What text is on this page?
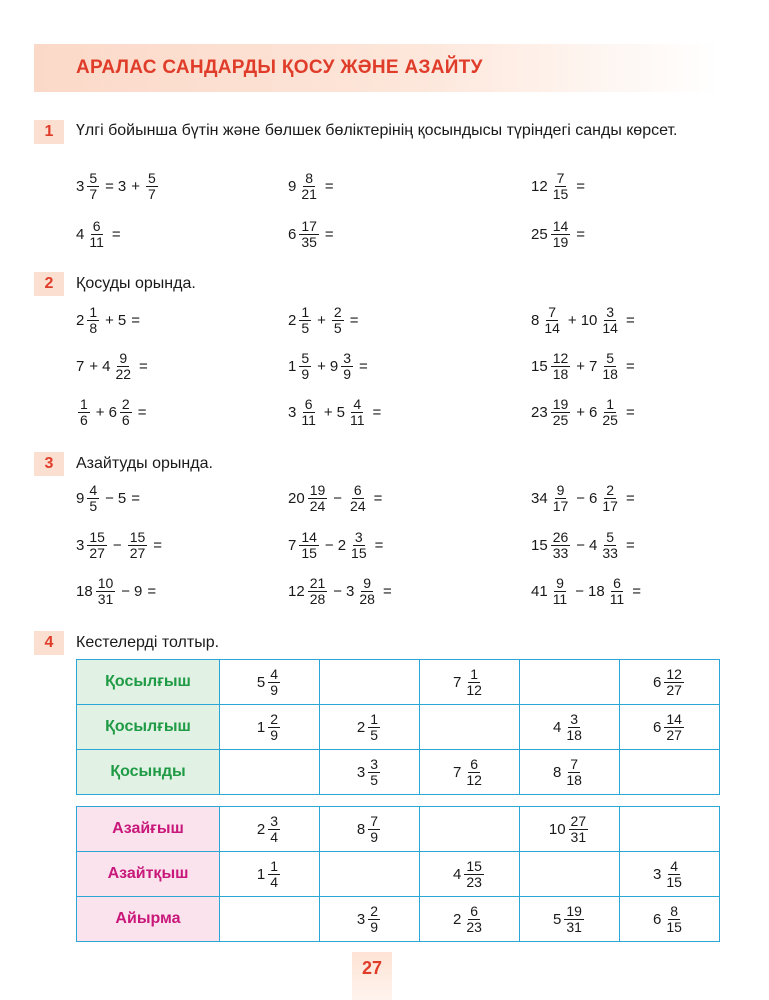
АРАЛАС САНДАРДЫ ҚОСУ ЖӘНЕ АЗАЙТУ
1	Үлгі бойынша бүтін және бөлшек бөліктерінің қосындысы түріндегі санды көрсет.
$3 \frac{5}{7} = 3 + \frac{5}{7}$	$9 \frac{8}{21}$ =	$12 \frac{7}{15}$ =
$4 \frac{6}{11}$ =	$6 \frac{17}{35}$ =	$25 \frac{14}{19}$ =
2	Қосуды орында.
$2 \frac{1}{8} + 5$ =	$2 \frac{1}{5} + \frac{2}{5}$ =	$8 \frac{7}{14} + 10 \frac{3}{14}$ =
$7 + 4 \frac{9}{22}$ =	$1 \frac{5}{9} + 9 \frac{3}{9}$ =	$15 \frac{12}{18} + 7 \frac{5}{18}$ =
$\frac{1}{6} + 6 \frac{2}{6}$ =	$3 \frac{6}{11} + 5 \frac{4}{11}$ =	$23 \frac{19}{25} + 6 \frac{1}{25}$ =
3	Азайтуды орында.
$9 \frac{4}{5} - 5$ =	$20 \frac{19}{24} - \frac{6}{24}$ =	$34 \frac{9}{17} - 6 \frac{2}{17}$ =
$3 \frac{15}{27} - \frac{15}{27}$ =	$7 \frac{14}{15} - 2 \frac{3}{15}$ =	$15 \frac{26}{33} - 4 \frac{5}{33}$ =
$18 \frac{10}{31} - 9$ =	$12 \frac{21}{28} - 3 \frac{9}{28}$ =	$41 \frac{9}{11} - 18 \frac{6}{11}$ =
4	Кестелерді толтыр.
Қосылғыш	$5 \frac{4}{9}$		$7 \frac{1}{12}$		$6 \frac{12}{27}$

Қосылғыш	$1 \frac{2}{9}$	$2 \frac{1}{5}$		$4 \frac{3}{18}$	$6 \frac{14}{27}$

Қосынды		$3 \frac{3}{5}$	$7 \frac{6}{12}$	$8 \frac{7}{18}$

Азайғыш	$2 \frac{3}{4}$	$8 \frac{7}{9}$		$10 \frac{27}{31}$

Азайтқыш	$1 \frac{1}{4}$		$4 \frac{15}{23}$		$3 \frac{4}{15}$

Айырма		$3 \frac{2}{9}$	$2 \frac{6}{23}$	$5 \frac{19}{31}$	$6 \frac{8}{15}$
27
